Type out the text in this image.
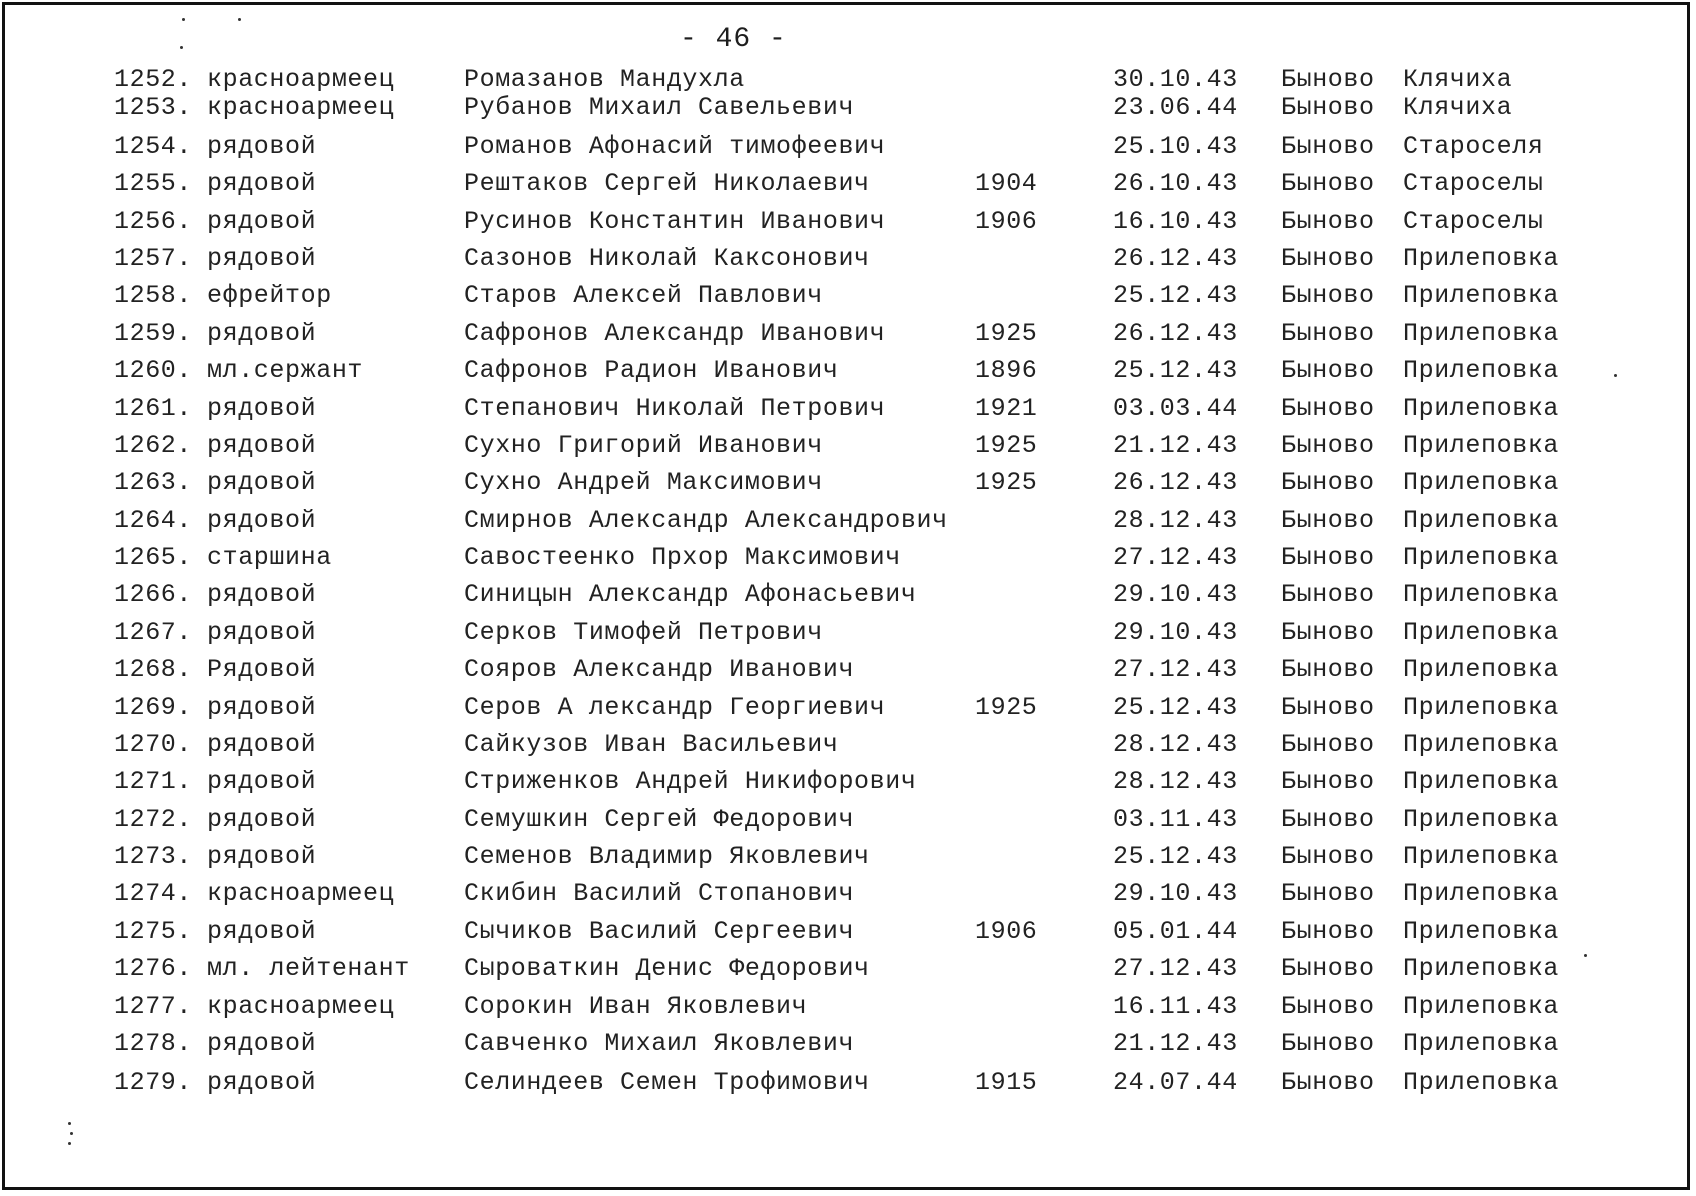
- 46 -
1252. красноармеец	Ромазанов Мандухла	30.10.43 Быново Клячиха
1253. красноармеец	Рубанов Михаил Савельевич	23.06.44 Быново Клячиха
1254. рядовой	Романов Афонасий тимофеевич	25.10.43 Быново Староселя
1255. рядовой	Рештаков Сергей Николаевич	1904	26.10.43 Быново Староселы
1256. рядовой	Русинов Константин Иванович	1906	16.10.43 Быново Староселы
1257. рядовой	Сазонов Николай Каксонович	26.12.43 Быново Прилеповка
1258. ефрейтор	Старов Алексей Павлович	25.12.43 Быново Прилеповка
1259. рядовой	Сафронов Александр Иванович	1925	26.12.43 Быново Прилеповка
1260. мл.сержант	Сафронов Радион Иванович	1896	25.12.43 Быново Прилеповка
1261. рядовой	Степанович Николай Петрович	1921	03.03.44 Быново Прилеповка
1262. рядовой	Сухно Григорий Иванович	1925	21.12.43 Быново Прилеповка
1263. рядовой	Сухно Андрей Максимович	1925	26.12.43 Быново Прилеповка
1264. рядовой	Смирнов Александр Александрович	28.12.43 Быново Прилеповка
1265. старшина	Савостеенко Прхор Максимович	27.12.43 Быново Прилеповка
1266. рядовой	Синицын Александр Афонасьевич	29.10.43 Быново Прилеповка
1267. рядовой	Серков Тимофей Петрович	29.10.43 Быново Прилеповка
1268. Рядовой	Сояров Александр Иванович	27.12.43 Быново Прилеповка
1269. рядовой	Серов А лександр Георгиевич	1925	25.12.43 Быново Прилеповка
1270. рядовой	Сайкузов Иван Васильевич	28.12.43 Быново Прилеповка
1271. рядовой	Стриженков Андрей Никифорович	28.12.43 Быново Прилеповка
1272. рядовой	Семушкин Сергей Федорович	03.11.43 Быново Прилеповка
1273. рядовой	Семенов Владимир Яковлевич	25.12.43 Быново Прилеповка
1274. красноармеец	Скибин Василий Стопанович	29.10.43 Быново Прилеповка
1275. рядовой	Сычиков Василий Сергеевич	1906	05.01.44 Быново Прилеповка
1276. мл. лейтенант Сыроваткин Денис Федорович	27.12.43 Быново Прилеповка
1277. красноармеец	Сорокин Иван Яковлевич	16.11.43 Быново Прилеповка
1278. рядовой	Савченко Михаил Яковлевич	21.12.43 Быново Прилеповка
1279. рядовой	Селиндеев Семен Трофимович	1915	24.07.44 Быново Прилеповка
